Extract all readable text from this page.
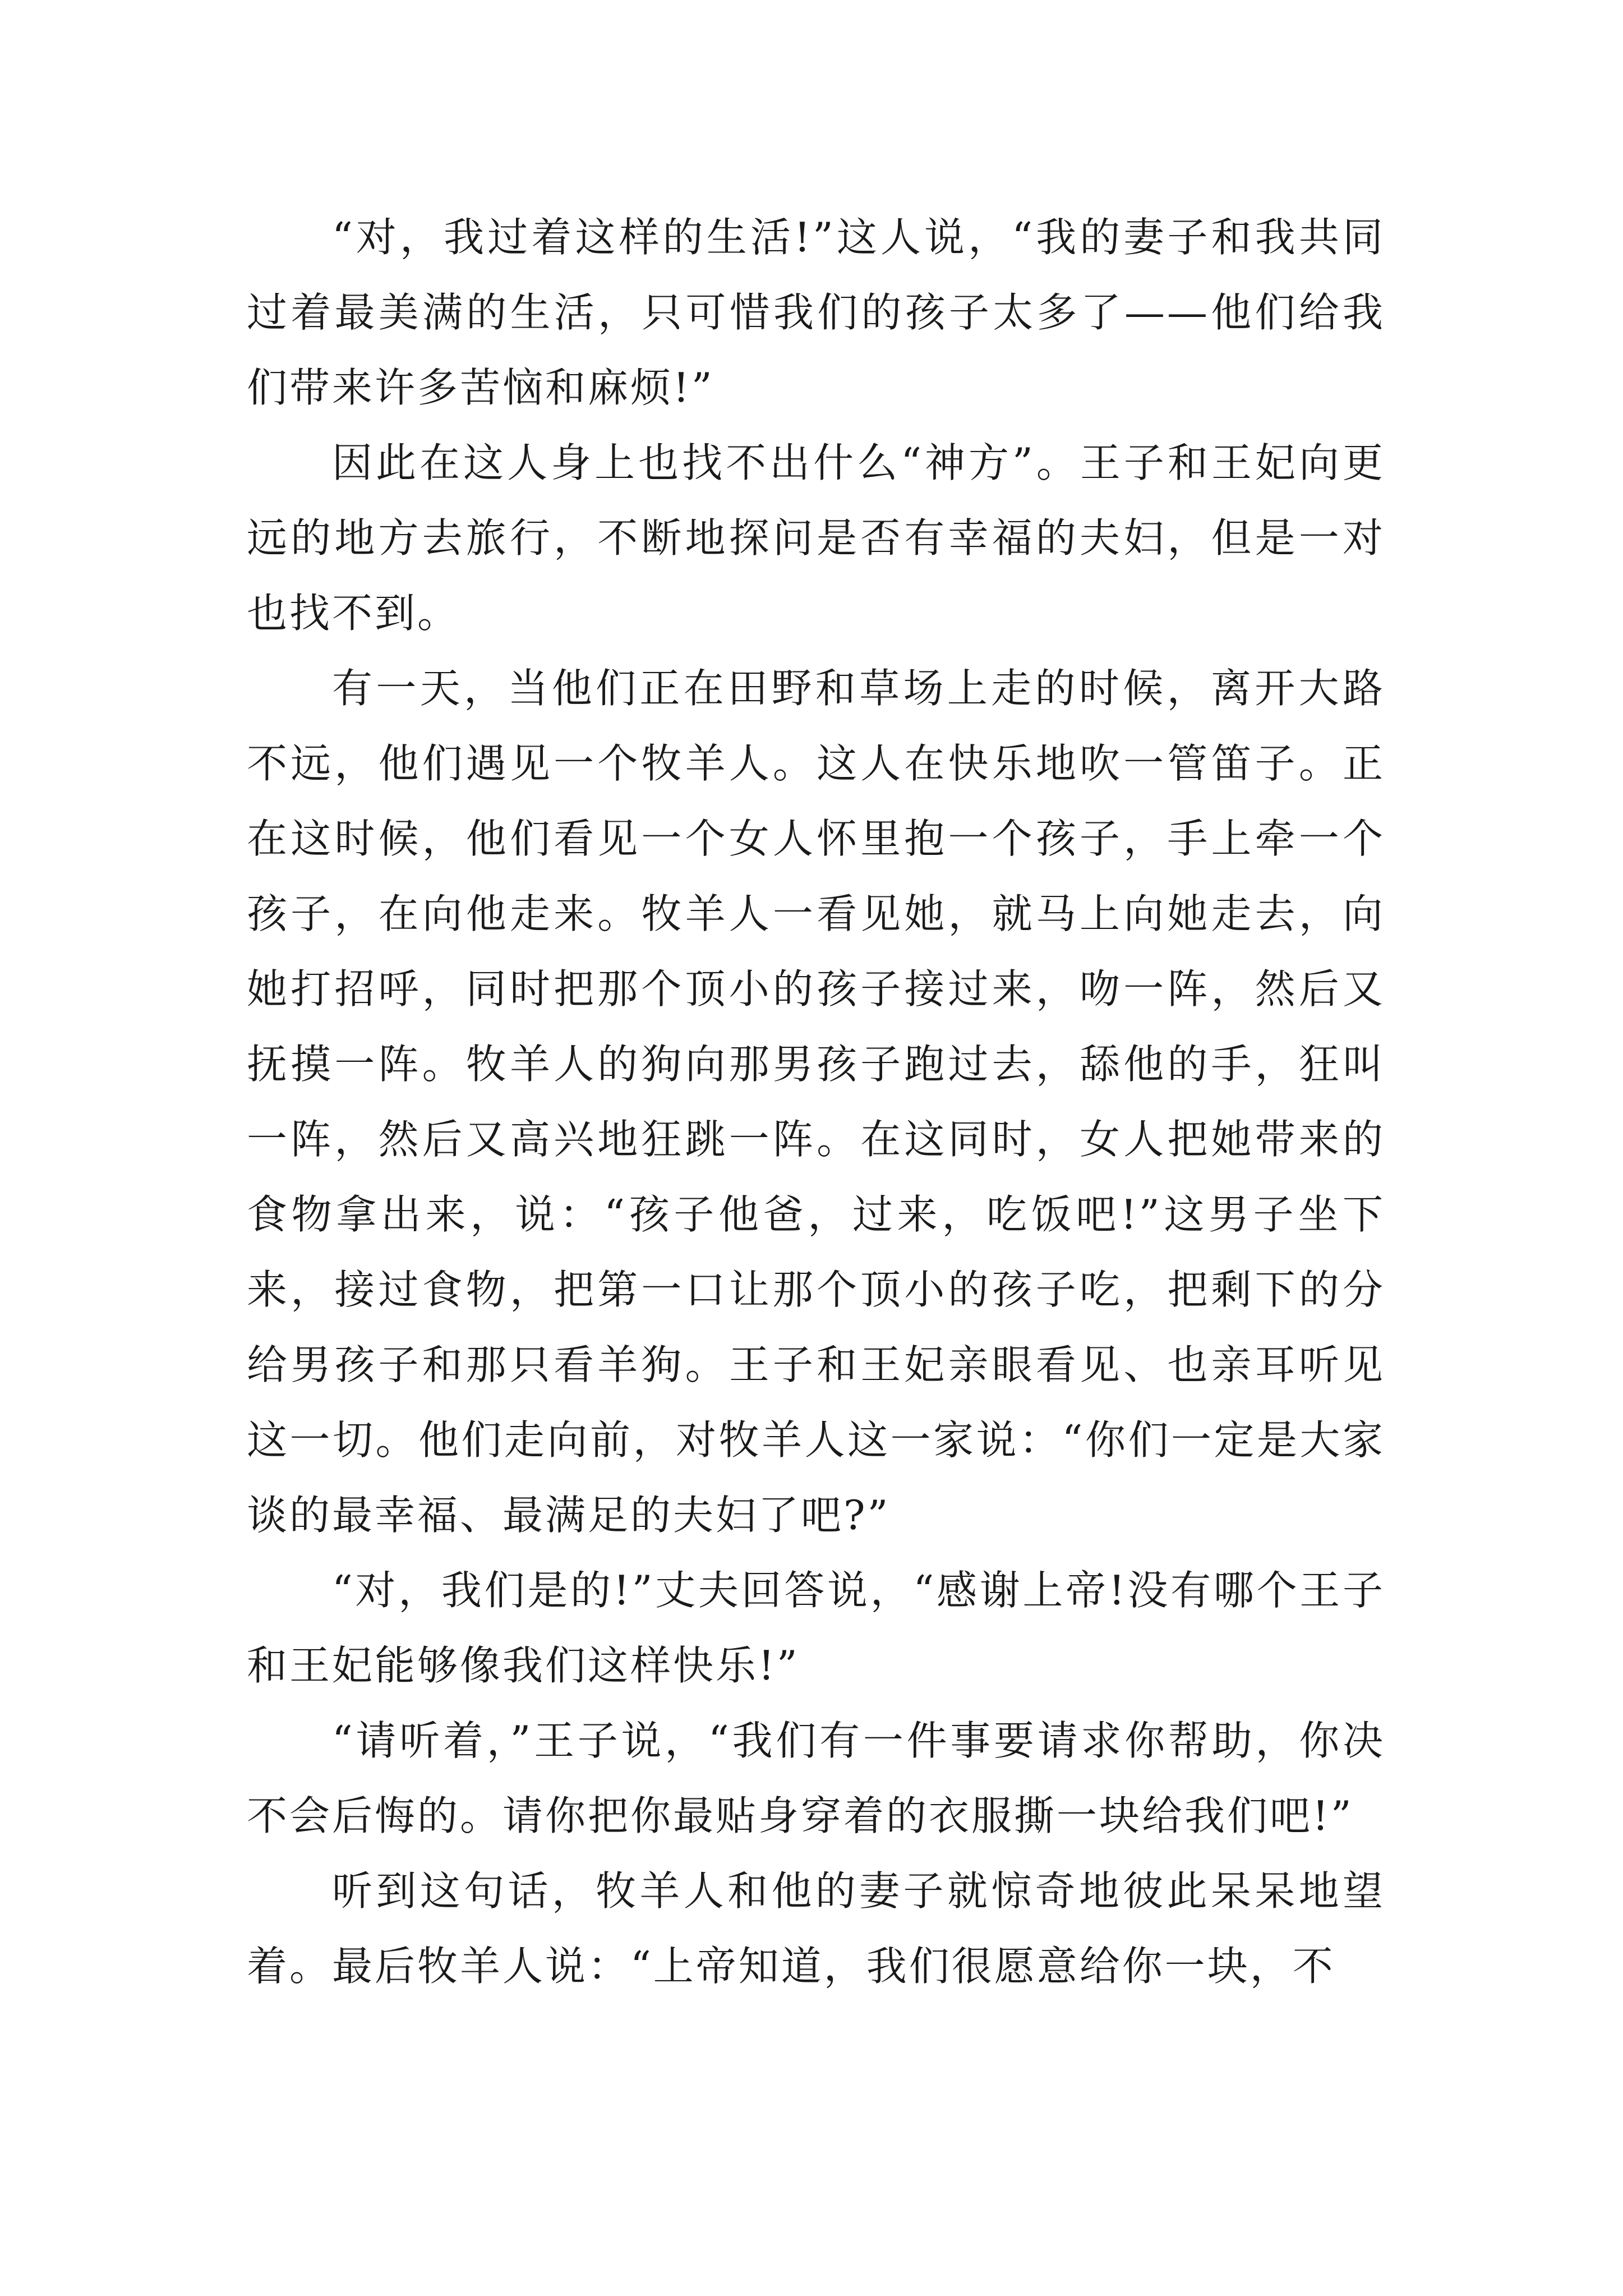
“对，我过着这样的生活!”这人说，“我的妻子和我共同过着最美满的生活，只可惜我们的孩子太多了——他们给我们带来许多苦恼和麻烦!”

因此在这人身上也找不出什么“神方”。王子和王妃向更远的地方去旅行，不断地探问是否有幸福的夫妇，但是一对也找不到。

有一天，当他们正在田野和草场上走的时候，离开大路不远，他们遇见一个牧羊人。这人在快乐地吹一管笛子。正在这时候，他们看见一个女人怀里抱一个孩子，手上牵一个孩子，在向他走来。牧羊人一看见她，就马上向她走去，向她打招呼，同时把那个顶小的孩子接过来，吻一阵，然后又抚摸一阵。牧羊人的狗向那男孩子跑过去，舔他的手，狂叫一阵，然后又高兴地狂跳一阵。在这同时，女人把她带来的食物拿出来，说：“孩子他爸，过来，吃饭吧!”这男子坐下来，接过食物，把第一口让那个顶小的孩子吃，把剩下的分给男孩子和那只看羊狗。王子和王妃亲眼看见、也亲耳听见这一切。他们走向前，对牧羊人这一家说：“你们一定是大家谈的最幸福、最满足的夫妇了吧?”

“对，我们是的!”丈夫回答说，“感谢上帝!没有哪个王子和王妃能够像我们这样快乐!”

“请听着，”王子说，“我们有一件事要请求你帮助，你决不会后悔的。请你把你最贴身穿着的衣服撕一块给我们吧!”

听到这句话，牧羊人和他的妻子就惊奇地彼此呆呆地望着。最后牧羊人说：“上帝知道，我们很愿意给你一块，不
